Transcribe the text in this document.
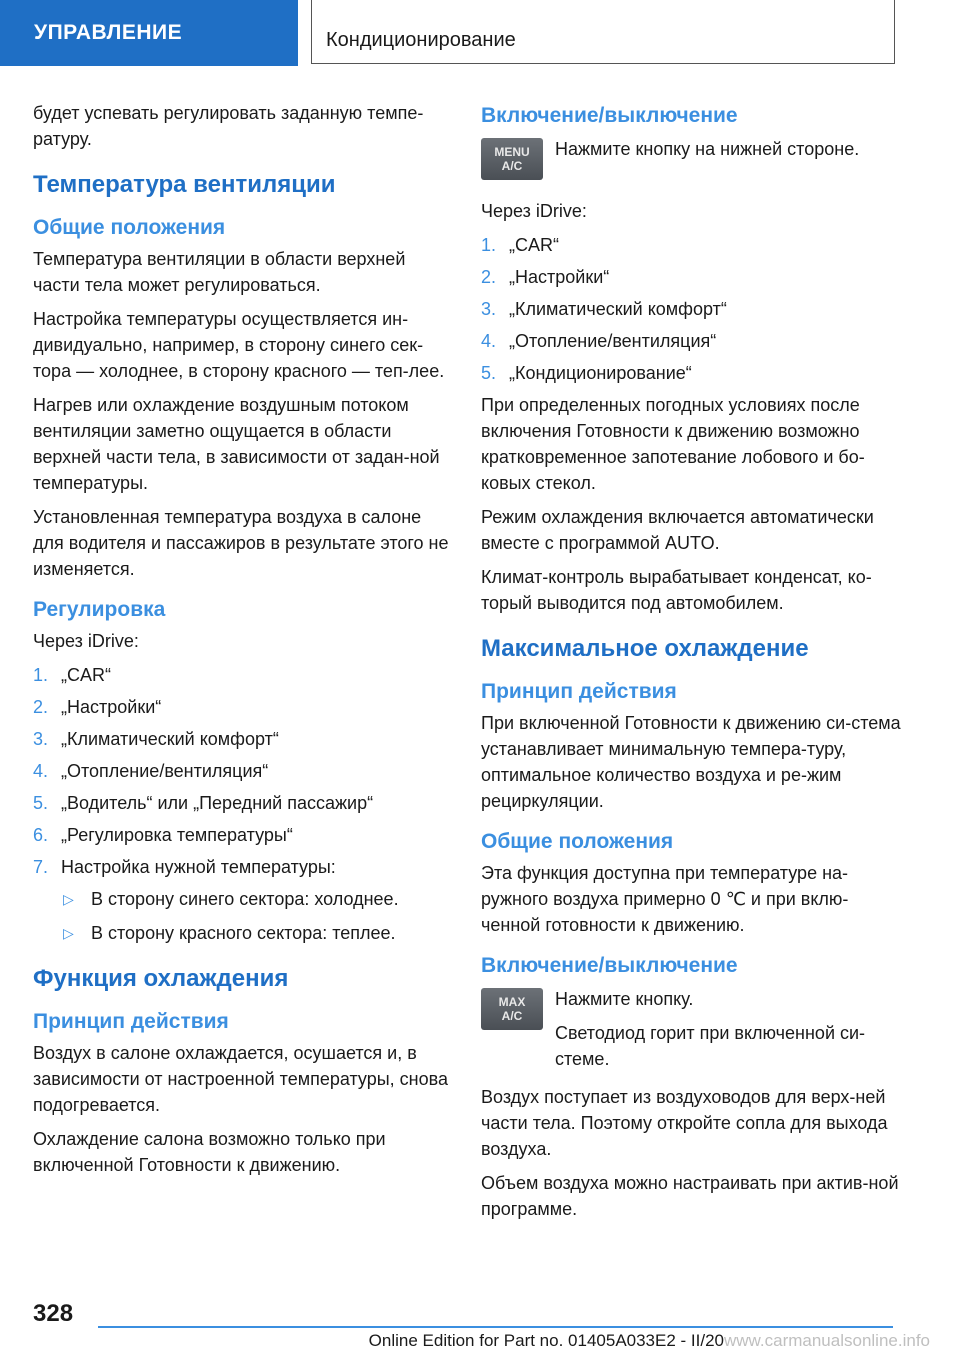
УПРАВЛЕНИЕ	Кондиционирование

будет успевать регулировать заданную темпе-ратуру.

Температура вентиляции
Общие положения

Температура вентиляции в области верхней части тела может регулироваться.

Настройка температуры осуществляется ин-дивидуально, например, в сторону синего сек-тора — холоднее, в сторону красного — теп-лее.

Нагрев или охлаждение воздушным потоком вентиляции заметно ощущается в области верхней части тела, в зависимости от задан-ной температуры.

Установленная температура воздуха в салоне для водителя и пассажиров в результате этого не изменяется.

Регулировка

Через iDrive:

1. „CAR“
2. „Настройки“
3. „Климатический комфорт“
4. „Отопление/вентиляция“
5. „Водитель“ или „Передний пассажир“
6. „Регулировка температуры“
7. Настройка нужной температуры:
▷ В сторону синего сектора: холоднее.
▷ В сторону красного сектора: теплее.
Функция охлаждения
Принцип действия

Воздух в салоне охлаждается, осушается и, в зависимости от настроенной температуры, снова подогревается.

Охлаждение салона возможно только при включенной Готовности к движению.

Включение/выключение
MENU
A/C

Нажмите кнопку на нижней стороне.

Через iDrive:

1. „CAR“
2. „Настройки“
3. „Климатический комфорт“
4. „Отопление/вентиляция“
5. „Кондиционирование“

При определенных погодных условиях после включения Готовности к движению возможно кратковременное запотевание лобового и бо-ковых стекол.

Режим охлаждения включается автоматически вместе с программой AUTO.

Климат-контроль вырабатывает конденсат, ко-торый выводится под автомобилем.

Максимальное охлаждение
Принцип действия

При включенной Готовности к движению си-стема устанавливает минимальную темпера-туру, оптимальное количество воздуха и ре-жим рециркуляции.

Общие положения

Эта функция доступна при температуре на-ружного воздуха примерно 0 ℃ и при вклю-ченной готовности к движению.

Включение/выключение
MAX
A/C

Нажмите кнопку.

Светодиод горит при включенной си-стеме.

Воздух поступает из воздуховодов для верх-ней части тела. Поэтому откройте сопла для выхода воздуха.

Объем воздуха можно настраивать при актив-ной программе.

328
Online Edition for Part no. 01405A033E2 - II/20www.carmanualsonline.info
